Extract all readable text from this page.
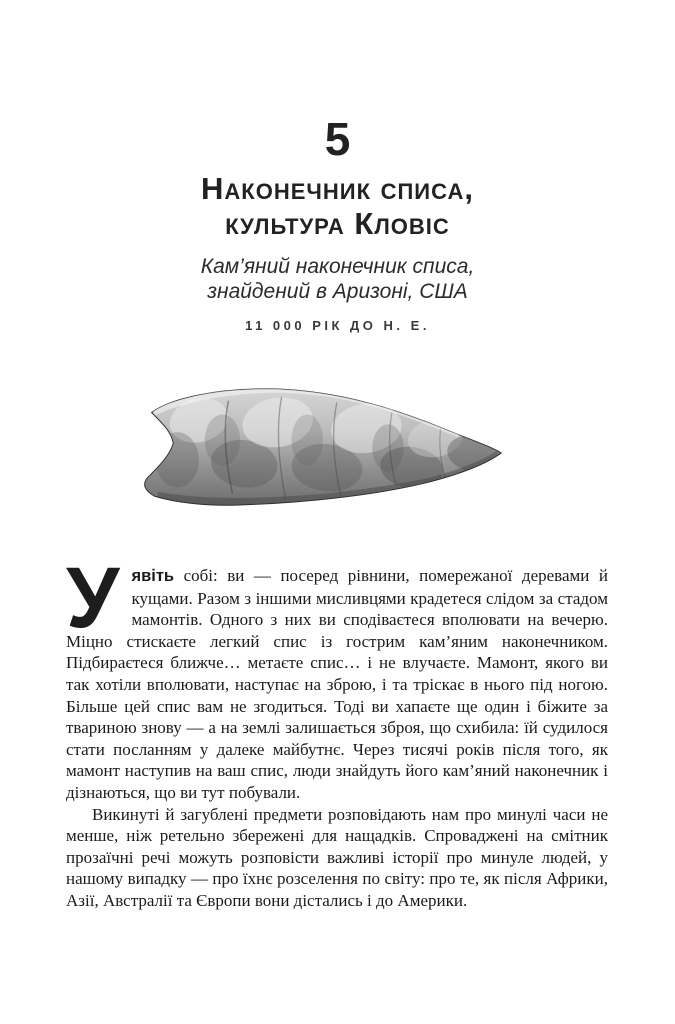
5
Наконечник списа,
культура Кловіс
Кам’яний наконечник списа,
знайдений в Аризоні, США
11 000 РІК ДО Н. Е.

Уявіть собі: ви — посеред рівнини, помережаної деревами й кущами. Разом з іншими мисливцями крадетеся слідом за стадом мамонтів. Одного з них ви сподіваєтеся вполювати на вечерю. Міцно стискаєте легкий спис із гострим кам’яним наконечником. Підбираєтеся ближче… метаєте спис… і не влучаєте. Мамонт, якого ви так хотіли вполювати, наступає на зброю, і та тріскає в нього під ногою. Більше цей спис вам не згодиться. Тоді ви хапаєте ще один і біжите за твариною знову — а на землі залишається зброя, що схибила: їй судилося стати посланням у далеке майбутнє. Через тисячі років після того, як мамонт наступив на ваш спис, люди знайдуть його кам’яний наконечник і дізнаються, що ви тут побували.

Викинуті й загублені предмети розповідають нам про минулі часи не менше, ніж ретельно збережені для нащадків. Спроваджені на смітник прозаїчні речі можуть розповісти важливі історії про минуле людей, у нашому випадку — про їхнє розселення по світу: про те, як після Африки, Азії, Австралії та Європи вони дістались і до Америки.
